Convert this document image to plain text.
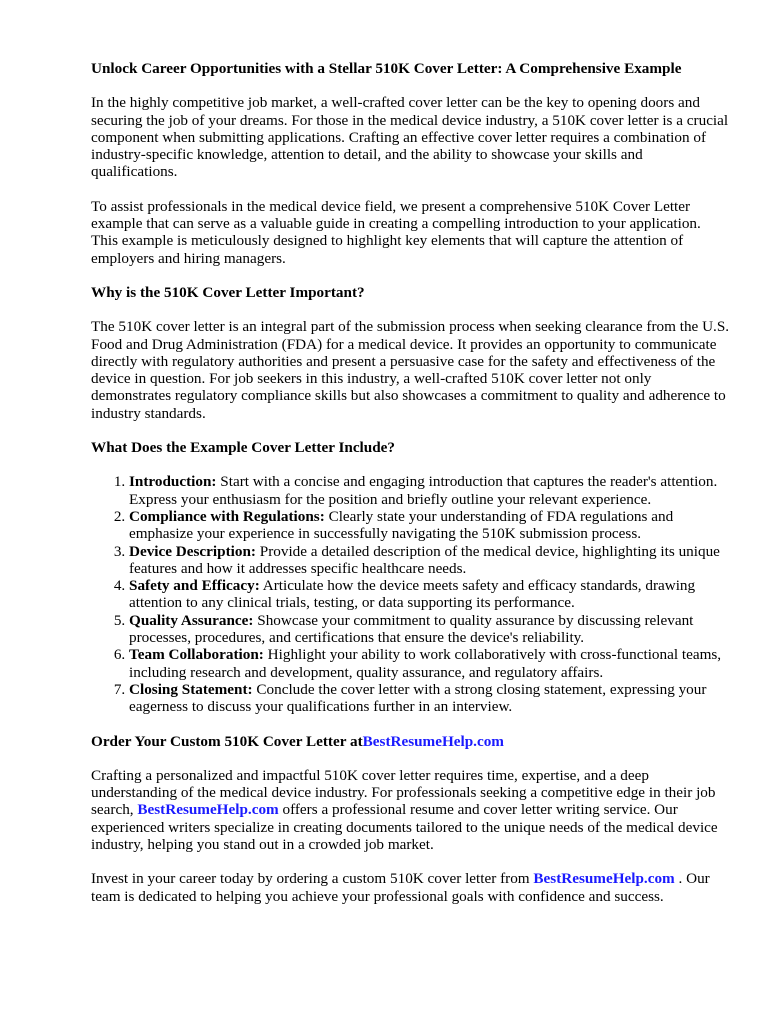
Unlock Career Opportunities with a Stellar 510K Cover Letter: A Comprehensive Example

In the highly competitive job market, a well-crafted cover letter can be the key to opening doors and securing the job of your dreams. For those in the medical device industry, a 510K cover letter is a crucial component when submitting applications. Crafting an effective cover letter requires a combination of industry-specific knowledge, attention to detail, and the ability to showcase your skills and qualifications.

To assist professionals in the medical device field, we present a comprehensive 510K Cover Letter example that can serve as a valuable guide in creating a compelling introduction to your application. This example is meticulously designed to highlight key elements that will capture the attention of employers and hiring managers.

Why is the 510K Cover Letter Important?

The 510K cover letter is an integral part of the submission process when seeking clearance from the U.S. Food and Drug Administration (FDA) for a medical device. It provides an opportunity to communicate directly with regulatory authorities and present a persuasive case for the safety and effectiveness of the device in question. For job seekers in this industry, a well-crafted 510K cover letter not only demonstrates regulatory compliance skills but also showcases a commitment to quality and adherence to industry standards.

What Does the Example Cover Letter Include?
1. Introduction: Start with a concise and engaging introduction that captures the reader's attention. Express your enthusiasm for the position and briefly outline your relevant experience.
2. Compliance with Regulations: Clearly state your understanding of FDA regulations and emphasize your experience in successfully navigating the 510K submission process.
3. Device Description: Provide a detailed description of the medical device, highlighting its unique features and how it addresses specific healthcare needs.
4. Safety and Efficacy: Articulate how the device meets safety and efficacy standards, drawing attention to any clinical trials, testing, or data supporting its performance.
5. Quality Assurance: Showcase your commitment to quality assurance by discussing relevant processes, procedures, and certifications that ensure the device's reliability.
6. Team Collaboration: Highlight your ability to work collaboratively with cross-functional teams, including research and development, quality assurance, and regulatory affairs.
7. Closing Statement: Conclude the cover letter with a strong closing statement, expressing your eagerness to discuss your qualifications further in an interview.
Order Your Custom 510K Cover Letter atBestResumeHelp.com

Crafting a personalized and impactful 510K cover letter requires time, expertise, and a deep understanding of the medical device industry. For professionals seeking a competitive edge in their job search, BestResumeHelp.com offers a professional resume and cover letter writing service. Our experienced writers specialize in creating documents tailored to the unique needs of the medical device industry, helping you stand out in a crowded job market.

Invest in your career today by ordering a custom 510K cover letter from BestResumeHelp.com . Our team is dedicated to helping you achieve your professional goals with confidence and success.
